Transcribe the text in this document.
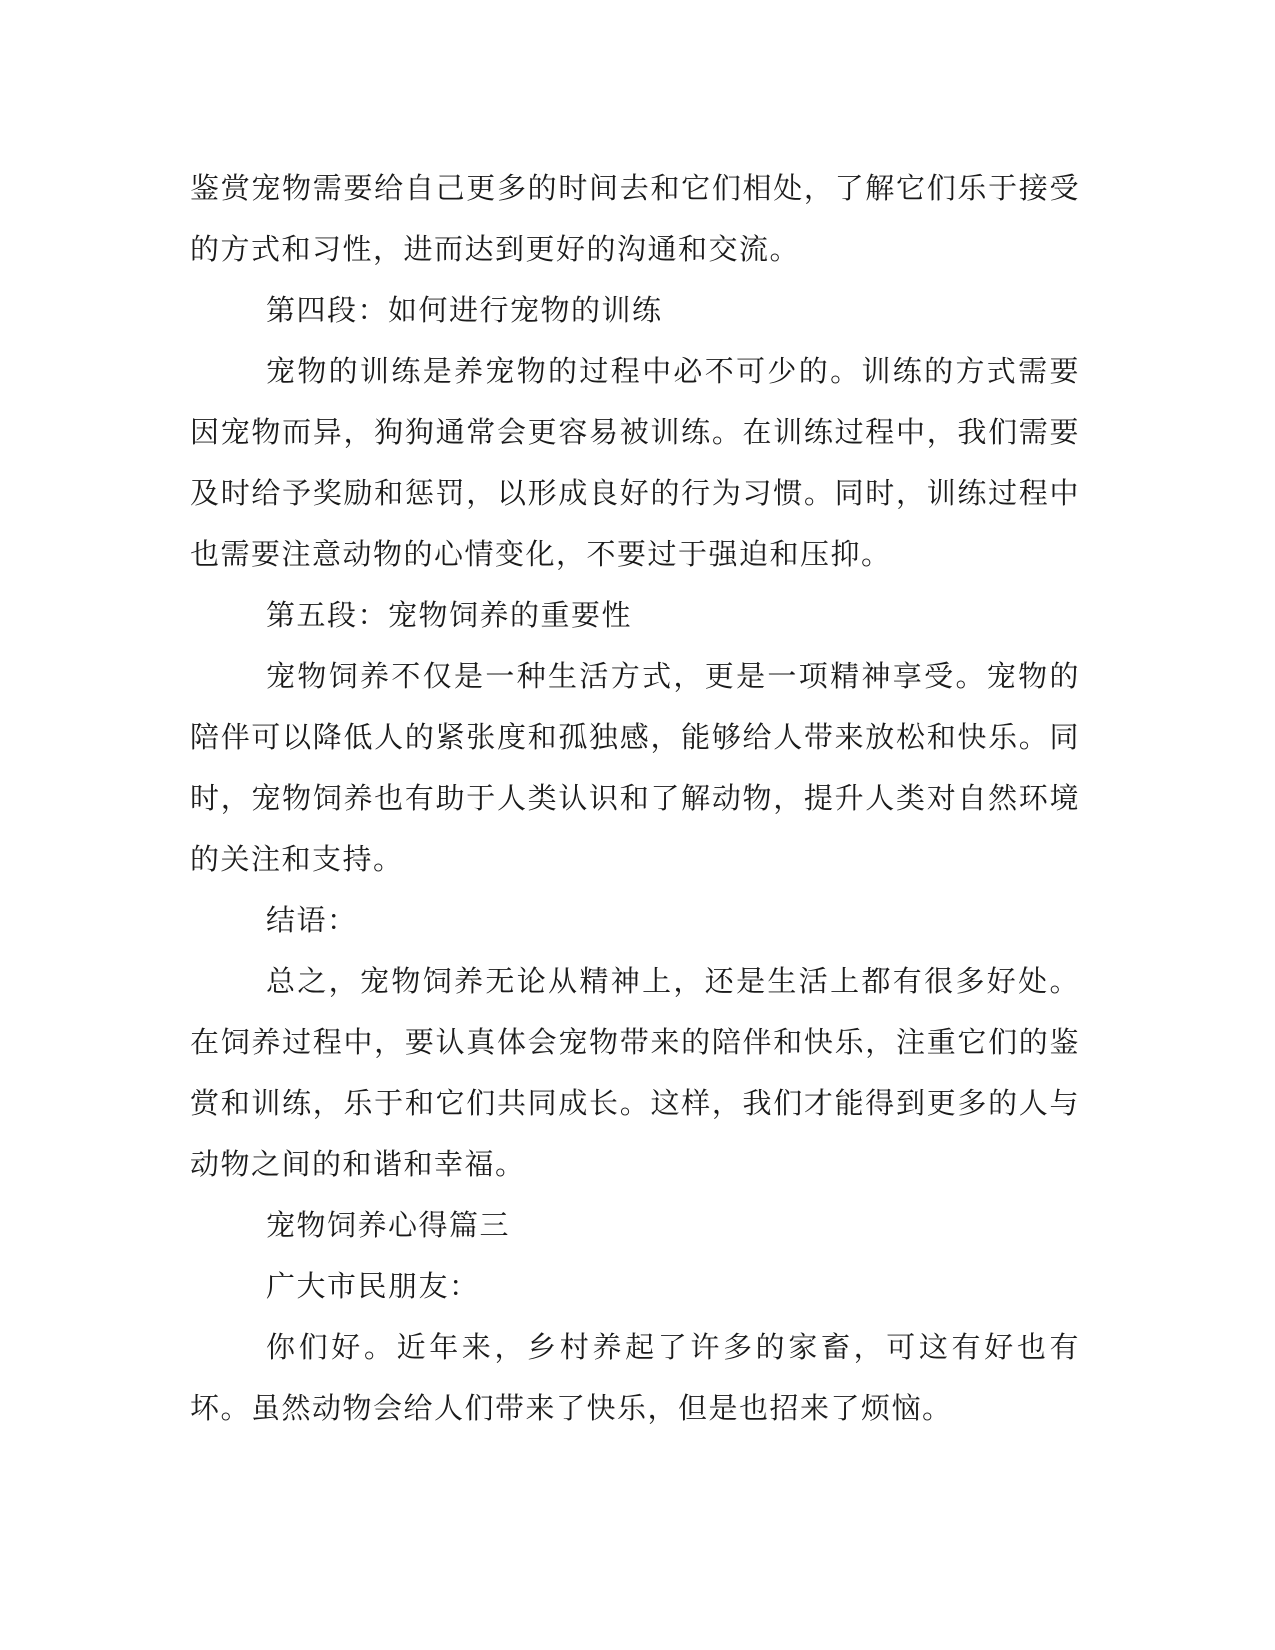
鉴赏宠物需要给自己更多的时间去和它们相处，了解它们乐于接受的方式和习性，进而达到更好的沟通和交流。

第四段：如何进行宠物的训练

宠物的训练是养宠物的过程中必不可少的。训练的方式需要因宠物而异，狗狗通常会更容易被训练。在训练过程中，我们需要及时给予奖励和惩罚，以形成良好的行为习惯。同时，训练过程中也需要注意动物的心情变化，不要过于强迫和压抑。

第五段：宠物饲养的重要性

宠物饲养不仅是一种生活方式，更是一项精神享受。宠物的陪伴可以降低人的紧张度和孤独感，能够给人带来放松和快乐。同时，宠物饲养也有助于人类认识和了解动物，提升人类对自然环境的关注和支持。

结语：

总之，宠物饲养无论从精神上，还是生活上都有很多好处。在饲养过程中，要认真体会宠物带来的陪伴和快乐，注重它们的鉴赏和训练，乐于和它们共同成长。这样，我们才能得到更多的人与动物之间的和谐和幸福。

宠物饲养心得篇三

广大市民朋友：

你们好。近年来，乡村养起了许多的家畜，可这有好也有坏。虽然动物会给人们带来了快乐，但是也招来了烦恼。
